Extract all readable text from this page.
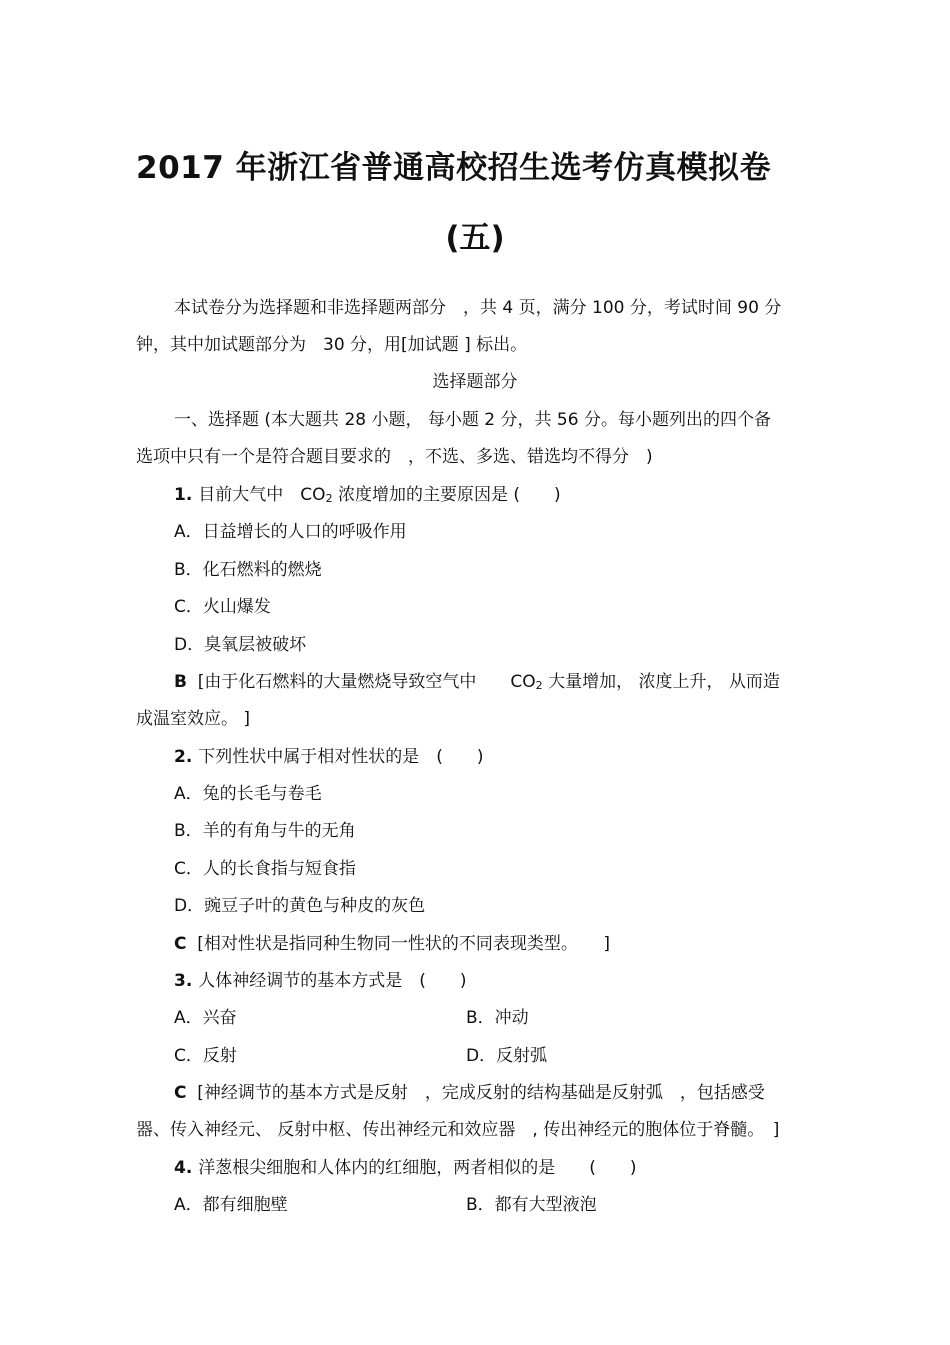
2017 年浙江省普通高校招生选考仿真模拟卷
(五)
本试卷分为选择题和非选择题两部分　，共 4 页，满分 100 分，考试时间 90 分
钟，其中加试题部分为　30 分，用[加试题 ] 标出。
选择题部分
一、选择题 (本大题共 28 小题， 每小题 2 分，共 56 分。每小题列出的四个备
选项中只有一个是符合题目要求的　，不选、多选、错选均不得分　)
1. 目前大气中　$CO_2$ 浓度增加的主要原因是 (　　)
A．日益增长的人口的呼吸作用
B．化石燃料的燃烧
C．火山爆发
D．臭氧层被破坏
B [由于化石燃料的大量燃烧导致空气中　　$CO_2$ 大量增加， 浓度上升， 从而造
成温室效应。 ]
2. 下列性状中属于相对性状的是　(　　)
A．兔的长毛与卷毛
B．羊的有角与牛的无角
C．人的长食指与短食指
D．豌豆子叶的黄色与种皮的灰色
C [相对性状是指同种生物同一性状的不同表现类型。　　]
3. 人体神经调节的基本方式是　(　　)
A．兴奋	B．冲动
C．反射	D．反射弧
C [神经调节的基本方式是反射　，完成反射的结构基础是反射弧　，包括感受
器、传入神经元、 反射中枢、传出神经元和效应器　, 传出神经元的胞体位于脊髓。　]
4. 洋葱根尖细胞和人体内的红细胞，两者相似的是　　(　　)
A．都有细胞壁	B．都有大型液泡
